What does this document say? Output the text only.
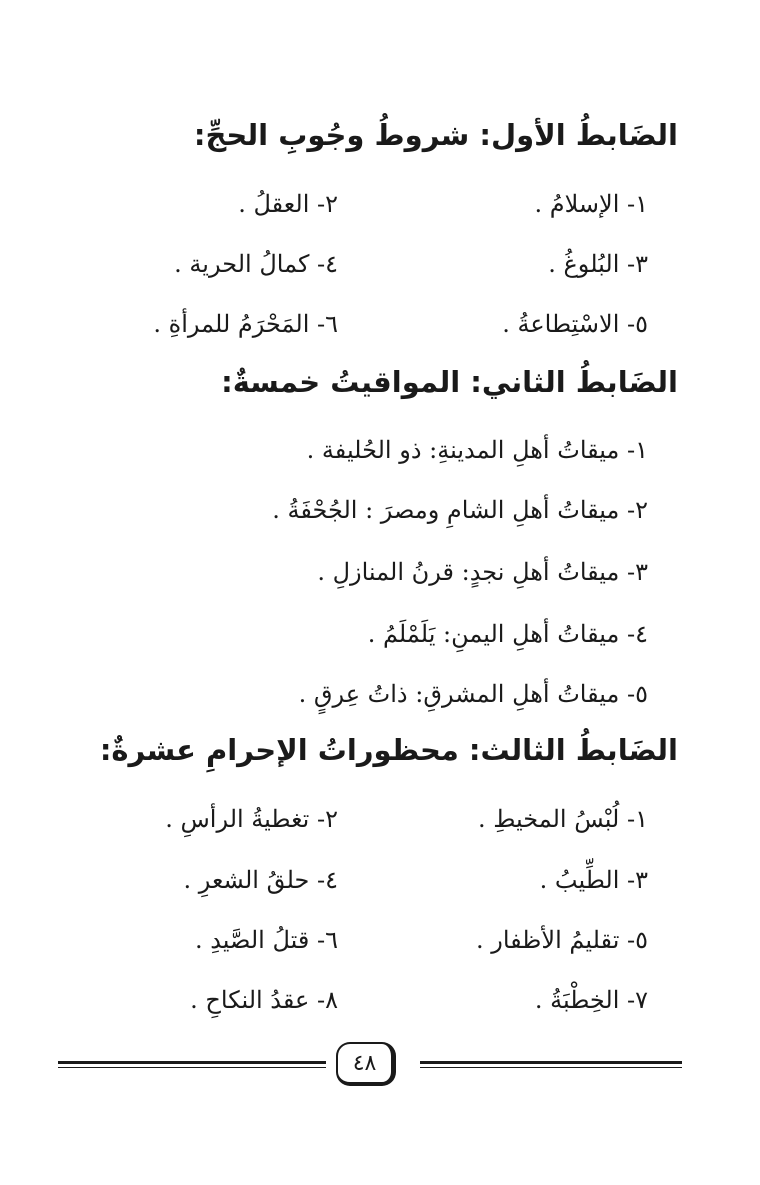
الضَابطُ الأول: شروطُ وجُوبِ الحجِّ:
١- الإسلامُ .
٢- العقلُ .
٣- البُلوغُ .
٤- كمالُ الحرية .
٥- الاسْتِطاعةُ .
٦- المَحْرَمُ للمرأةِ .
الضَابطُ الثاني: المواقيتُ خمسةٌ:
١- ميقاتُ أهلِ المدينةِ: ذو الحُليفة .
٢- ميقاتُ أهلِ الشامِ ومصرَ : الجُحْفَةُ .
٣- ميقاتُ أهلِ نجدٍ: قرنُ المنازلِ .
٤- ميقاتُ أهلِ اليمنِ: يَلَمْلَمُ .
٥- ميقاتُ أهلِ المشرقِ: ذاتُ عِرقٍ .
الضَابطُ الثالث: محظوراتُ الإحرامِ عشرةٌ:
١- لُبْسُ المخيطِ .
٢- تغطيةُ الرأسِ .
٣- الطِّيبُ .
٤- حلقُ الشعرِ .
٥- تقليمُ الأظفار .
٦- قتلُ الصَّيدِ .
٧- الخِطْبَةُ .
٨- عقدُ النكاحِ .
٤٨
